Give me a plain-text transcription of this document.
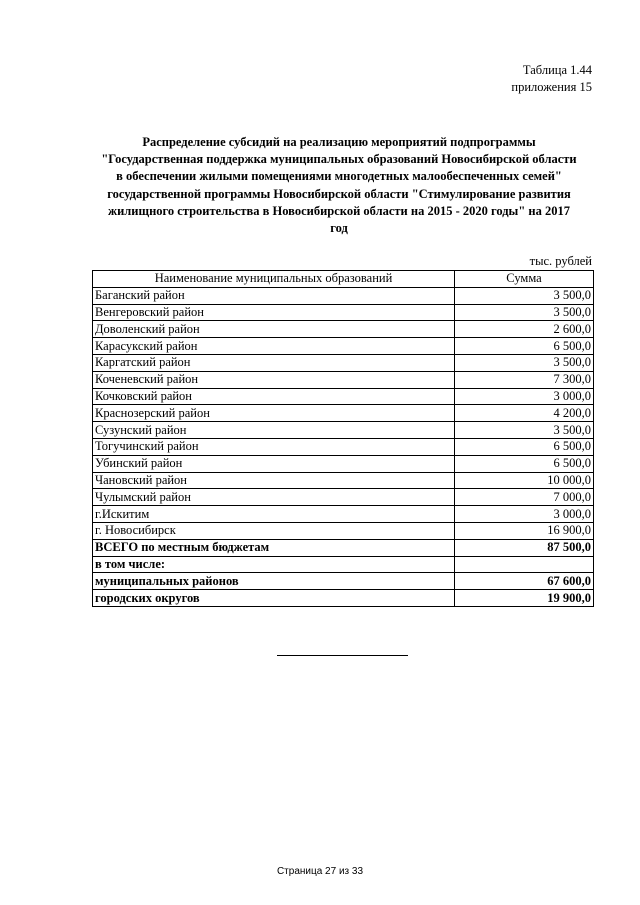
Таблица 1.44
приложения 15
Распределение субсидий на реализацию мероприятий подпрограммы
"Государственная поддержка муниципальных образований Новосибирской области
в обеспечении жилыми помещениями многодетных малообеспеченных семей"
государственной программы Новосибирской области "Стимулирование развития
жилищного строительства в Новосибирской области на 2015 - 2020 годы" на 2017
год
тыс. рублей
Наименование муниципальных образований	Сумма
Баганский район	3 500,0
Венгеровский район	3 500,0
Доволенский район	2 600,0
Карасукский район	6 500,0
Каргатский район	3 500,0
Коченевский район	7 300,0
Кочковский район	3 000,0
Краснозерский район	4 200,0
Сузунский район	3 500,0
Тогучинский район	6 500,0
Убинский район	6 500,0
Чановский район	10 000,0
Чулымский район	7 000,0
г.Искитим	3 000,0
г. Новосибирск	16 900,0
ВСЕГО по местным бюджетам	87 500,0
в том числе:	
муниципальных районов	67 600,0
городских округов	19 900,0
Страница 27 из 33
